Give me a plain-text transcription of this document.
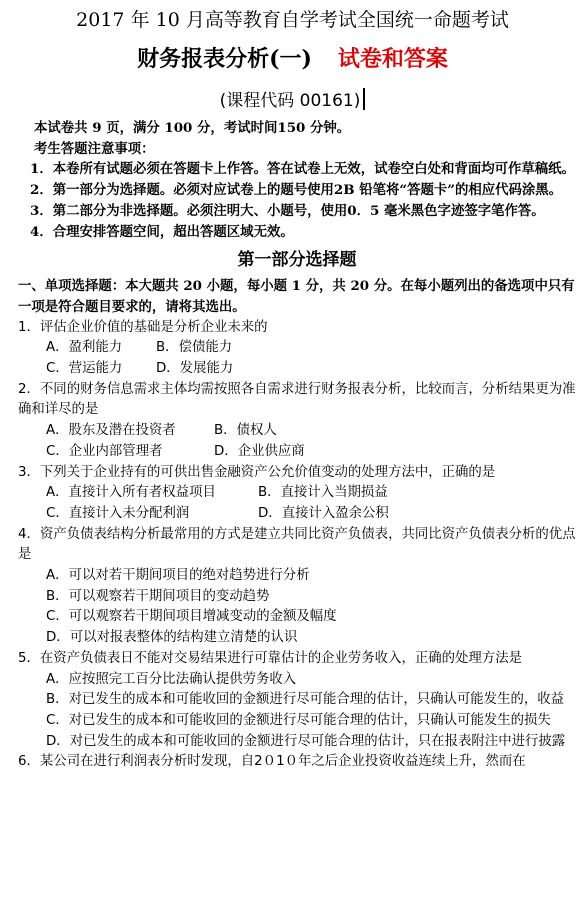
2017 年 10 月高等教育自学考试全国统一命题考试
财务报表分析(一) 试卷和答案
(课程代码 00161)

本试卷共 9 页，满分 100 分，考试时间150 分钟。

考生答题注意事项：

1．本卷所有试题必须在答题卡上作答。答在试卷上无效，试卷空白处和背面均可作草稿纸。

2．第一部分为选择题。必须对应试卷上的题号使用2B 铅笔将“答题卡”的相应代码涂黑。

3．第二部分为非选择题。必须注明大、小题号，使用0．5 毫米黑色字迹签字笔作答。

4．合理安排答题空间，超出答题区域无效。

第一部分选择题

一、单项选择题：本大题共 20 小题，每小题 1 分，共 20 分。在每小题列出的备选项中只有一项是符合题目要求的，请将其选出。

1．评估企业价值的基础是分析企业未来的

A．盈利能力	B．偿债能力

C．营运能力	D．发展能力

2．不同的财务信息需求主体均需按照各自需求进行财务报表分析，比较而言，分析结果更为准确和详尽的是

A．股东及潜在投资者	B．债权人

C．企业内部管理者	D．企业供应商

3．下列关于企业持有的可供出售金融资产公允价值变动的处理方法中，正确的是

A．直接计入所有者权益项目	B．直接计入当期损益

C．直接计入未分配利润	D．直接计入盈余公积

4．资产负债表结构分析最常用的方式是建立共同比资产负债表，共同比资产负债表分析的优点是

A．可以对若干期间项目的绝对趋势进行分析

B．可以观察若干期间项目的变动趋势

C．可以观察若干期间项目增减变动的金额及幅度

D．可以对报表整体的结构建立清楚的认识

5．在资产负债表日不能对交易结果进行可靠估计的企业劳务收入，正确的处理方法是

A．应按照完工百分比法确认提供劳务收入

B．对已发生的成本和可能收回的金额进行尽可能合理的估计，只确认可能发生的，收益

C．对已发生的成本和可能收回的金额进行尽可能合理的估计，只确认可能发生的损失

D．对已发生的成本和可能收回的金额进行尽可能合理的估计，只在报表附注中进行披露

6．某公司在进行利润表分析时发现，自2０1０年之后企业投资收益连续上升，然而在
